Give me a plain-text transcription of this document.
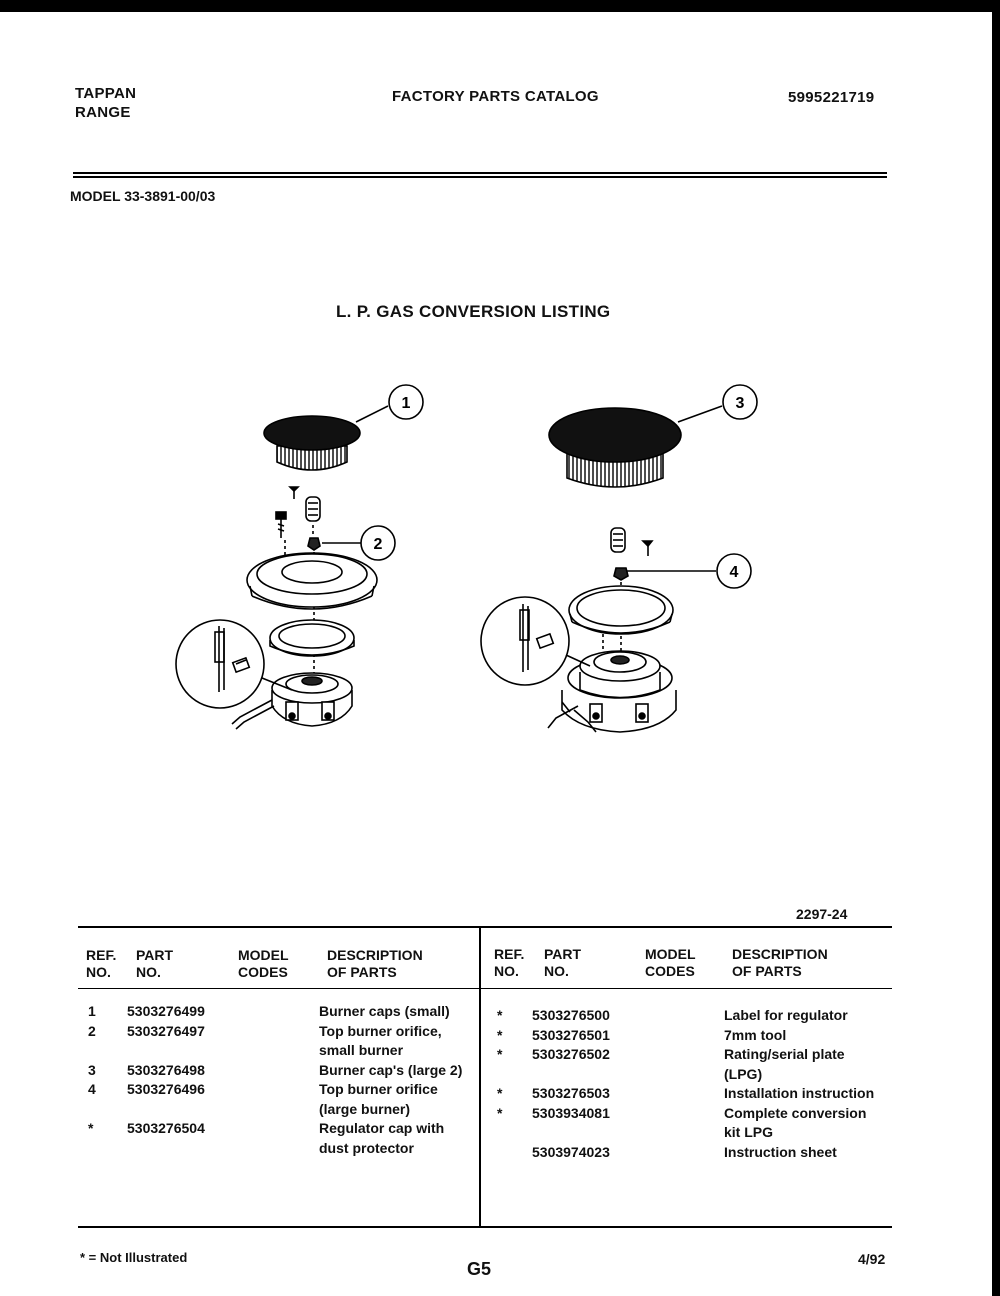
TAPPAN
RANGE
FACTORY PARTS CATALOG	5995221719
MODEL 33-3891-00/03
L. P. GAS CONVERSION LISTING
1
2
3
4
2297-24
REF.
NO.
PART
NO.
MODEL
CODES
DESCRIPTION
OF PARTS
REF.
NO.
PART
NO.
MODEL
CODES
DESCRIPTION
OF PARTS
1
2

3
4

*
5303276499
5303276497

5303276498
5303276496

5303276504
Burner caps (small)
Top burner orifice,
small burner
Burner cap's (large 2)
Top burner orifice
(large burner)
Regulator cap with
dust protector
*
*
*

*
*
5303276500
5303276501
5303276502

5303276503
5303934081

5303974023
Label for regulator
7mm tool
Rating/serial plate
(LPG)
Installation instruction
Complete conversion
kit LPG
Instruction sheet
* = Not Illustrated
G5	4/92
